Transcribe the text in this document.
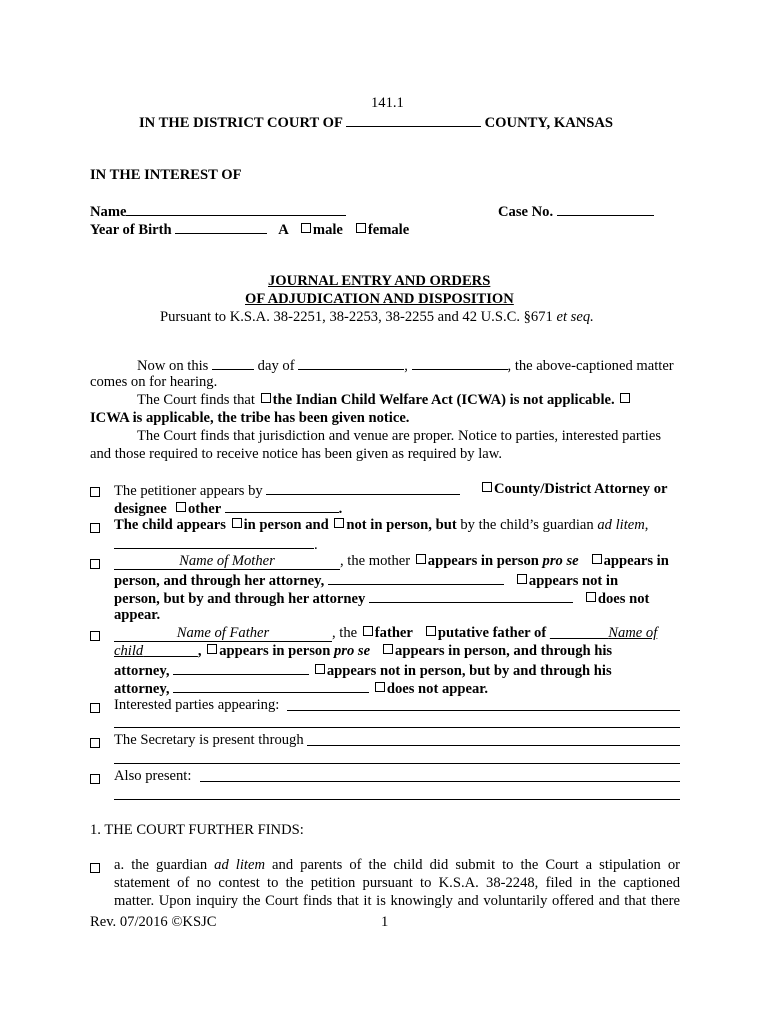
141.1
IN THE DISTRICT COURT OF	COUNTY, KANSAS
IN THE INTEREST OF
Name	Case No.
Year of Birth	A male female
JOURNAL ENTRY AND ORDERS
OF ADJUDICATION AND DISPOSITION
Pursuant to K.S.A. 38-2251, 38-2253, 38-2255 and 42 U.S.C. §671 et seq.
Now on this	day of	,	, the above-captioned matter
comes on for hearing.
The Court finds that the Indian Child Welfare Act (ICWA) is not applicable.
ICWA is applicable, the tribe has been given notice.
The Court finds that jurisdiction and venue are proper. Notice to parties, interested parties
and those required to receive notice has been given as required by law.
The petitioner appears by	County/District Attorney or
designee other	.
The child appears in person and not in person, but by the child’s guardian ad litem,
.
Name of Mother	, the mother appears in person pro se appears in
person, and through her attorney,	appears not in
person, but by and through her attorney	does not
appear.
Name of Father	, the father putative father of	Name of
child	, appears in person pro se appears in person, and through his
attorney,	appears not in person, but by and through his
attorney,	does not appear.
Interested parties appearing:
The Secretary is present through
Also present:
1. THE COURT FURTHER FINDS:
a. the guardian ad litem and parents of the child did submit to the Court a stipulation or
statement of no contest to the petition pursuant to K.S.A. 38-2248, filed in the captioned
matter. Upon inquiry the Court finds that it is knowingly and voluntarily offered and that there
Rev. 07/2016 ©KSJC	1
